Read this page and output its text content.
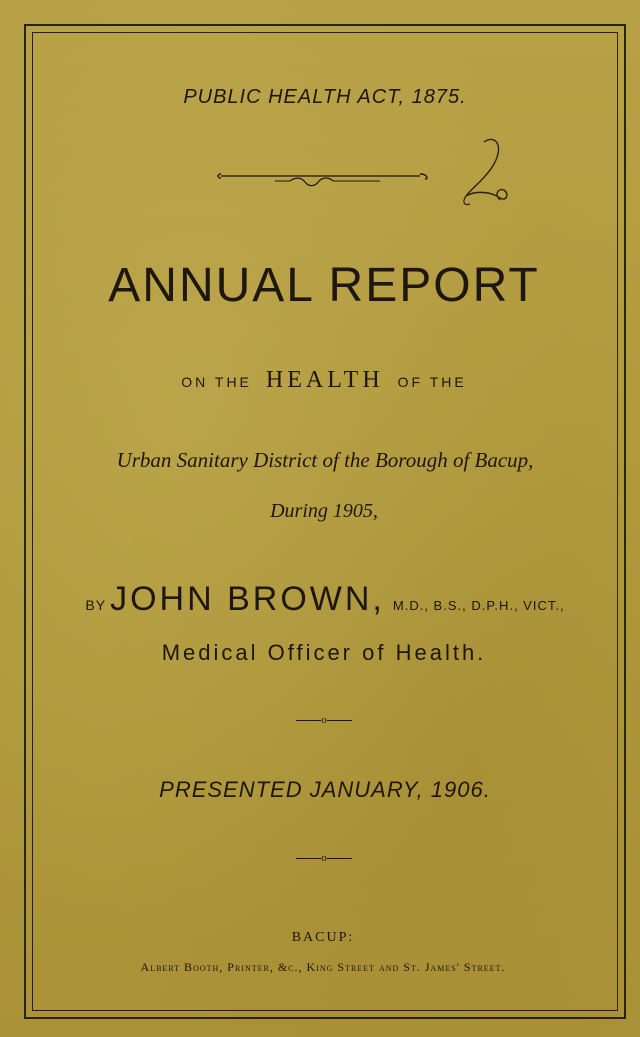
PUBLIC HEALTH ACT, 1875.
2
ANNUAL REPORT
ON THE HEALTH OF THE
Urban Sanitary District of the Borough of Bacup,
During 1905,
BY JOHN BROWN, M.D., B.S., D.P.H., VICT.,
Medical Officer of Health.
o
PRESENTED JANUARY, 1906.
o
BACUP:
Albert Booth, Printer, &c., King Street and St. James' Street.
